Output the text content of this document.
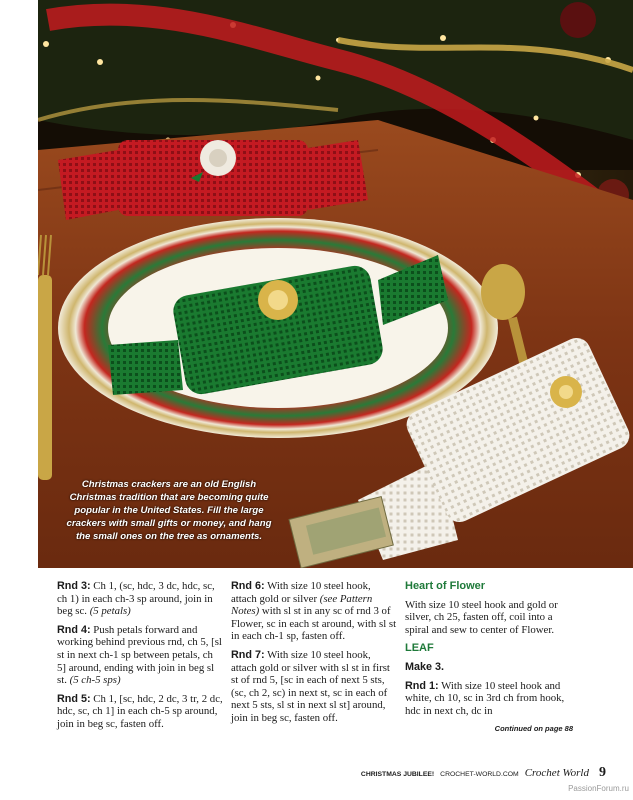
Christmas crackers are an old English Christmas tradition that are becoming quite popular in the United States. Fill the large crackers with small gifts or money, and hang the small ones on the tree as ornaments.

Rnd 3: Ch 1, (sc, hdc, 3 dc, hdc, sc, ch 1) in each ch-3 sp around, join in beg sc. (5 petals)

Rnd 4: Push petals forward and working behind previous rnd, ch 5, [sl st in next ch-1 sp between petals, ch 5] around, ending with join in beg sl st. (5 ch-5 sps)

Rnd 5: Ch 1, [sc, hdc, 2 dc, 3 tr, 2 dc, hdc, sc, ch 1] in each ch-5 sp around, join in beg sc, fasten off.

Rnd 6: With size 10 steel hook, attach gold or silver (see Pattern Notes) with sl st in any sc of rnd 3 of Flower, sc in each st around, with sl st in each ch-1 sp, fasten off.

Rnd 7: With size 10 steel hook, attach gold or silver with sl st in first st of rnd 5, [sc in each of next 5 sts, (sc, ch 2, sc) in next st, sc in each of next 5 sts, sl st in next sl st] around, join in beg sc, fasten off.

Heart of Flower

With size 10 steel hook and gold or silver, ch 25, fasten off, coil into a spiral and sew to center of Flower.

LEAF

Make 3.

Rnd 1: With size 10 steel hook and white, ch 10, sc in 3rd ch from hook, hdc in next ch, dc in

Continued on page 88
CHRISTMAS JUBILEE! CROCHET-WORLD.COM Crochet World 9
PassionForum.ru
